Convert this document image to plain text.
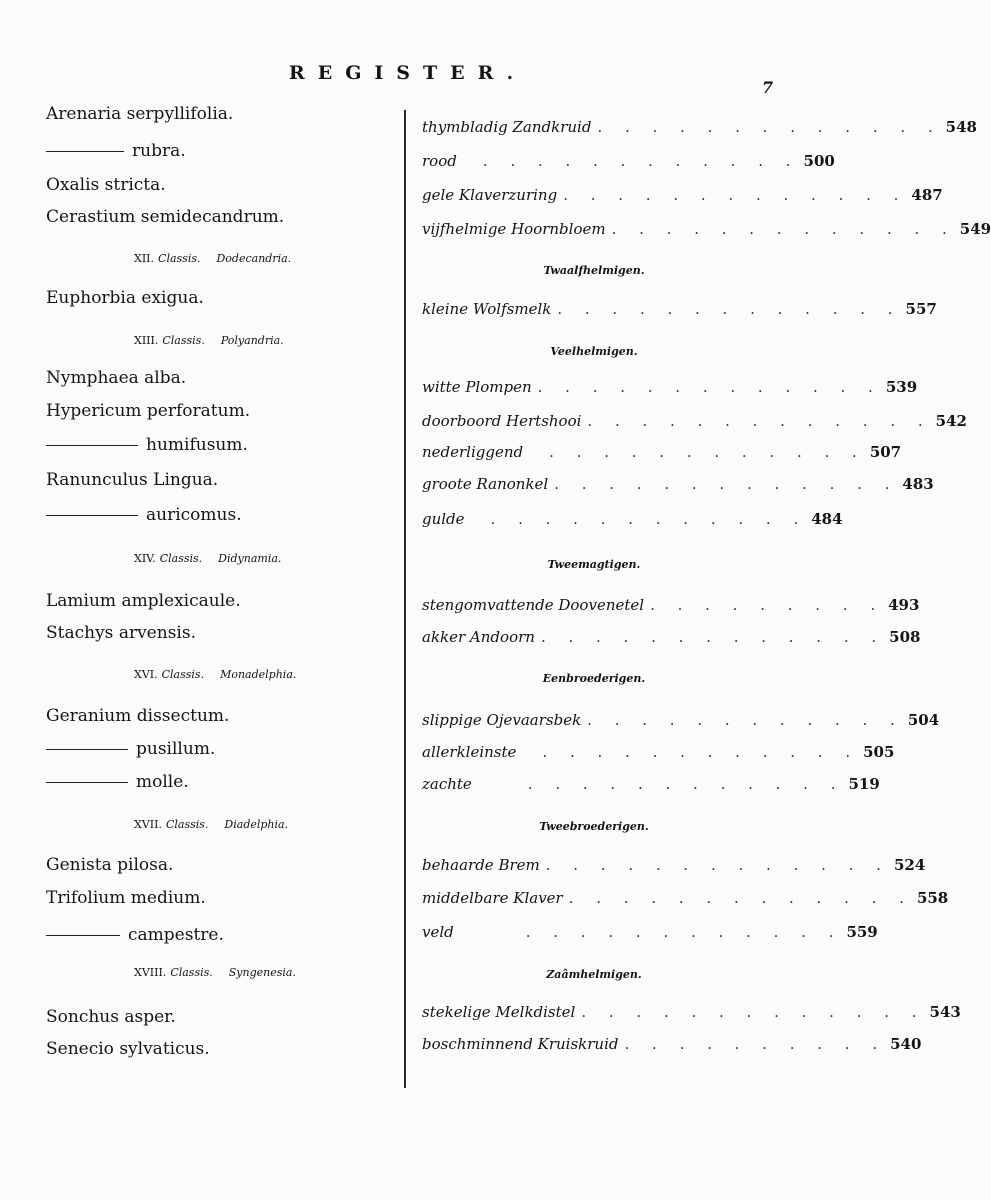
REGISTER.
7
Arenaria serpyllifolia.
rubra.
Oxalis stricta.
Cerastium semidecandrum.
XII. Classis. Dodecandria.
Euphorbia exigua.
XIII. Classis. Polyandria.
Nymphaea alba.
Hypericum perforatum.
humifusum.
Ranunculus Lingua.
auricomus.
XIV. Classis. Didynamia.
Lamium amplexicaule.
Stachys arvensis.
XVI. Classis. Monadelphia.
Geranium dissectum.
pusillum.
molle.
XVII. Classis. Diadelphia.
Genista pilosa.
Trifolium medium.
campestre.
XVIII. Classis. Syngenesia.
Sonchus asper.
Senecio sylvaticus.
thymbladig Zandkruid . . . . . . . . . . . . . 548
rood	. . . . . . . . . . . . 500
gele Klaverzuring . . . . . . . . . . . . . 487
vijfhelmige Hoornbloem . . . . . . . . . . . . . 549
Twaalfhelmigen.
kleine Wolfsmelk . . . . . . . . . . . . . 557
Veelhelmigen.
witte Plompen . . . . . . . . . . . . . 539
doorboord Hertshooi . . . . . . . . . . . . . 542
nederliggend	. . . . . . . . . . . . 507
groote Ranonkel . . . . . . . . . . . . . 483
gulde	. . . . . . . . . . . . 484
Tweemagtigen.
stengomvattende Doovenetel . . . . . . . . . 493
akker Andoorn . . . . . . . . . . . . . 508
Eenbroederigen.
slippige Ojevaarsbek . . . . . . . . . . . . 504
allerkleinste	. . . . . . . . . . . . 505
zachte	. . . . . . . . . . . . 519
Tweebroederigen.
behaarde Brem . . . . . . . . . . . . . 524
middelbare Klaver . . . . . . . . . . . . . 558
veld	. . . . . . . . . . . . 559
Zaâmhelmigen.
stekelige Melkdistel . . . . . . . . . . . . . 543
boschminnend Kruiskruid . . . . . . . . . . 540
